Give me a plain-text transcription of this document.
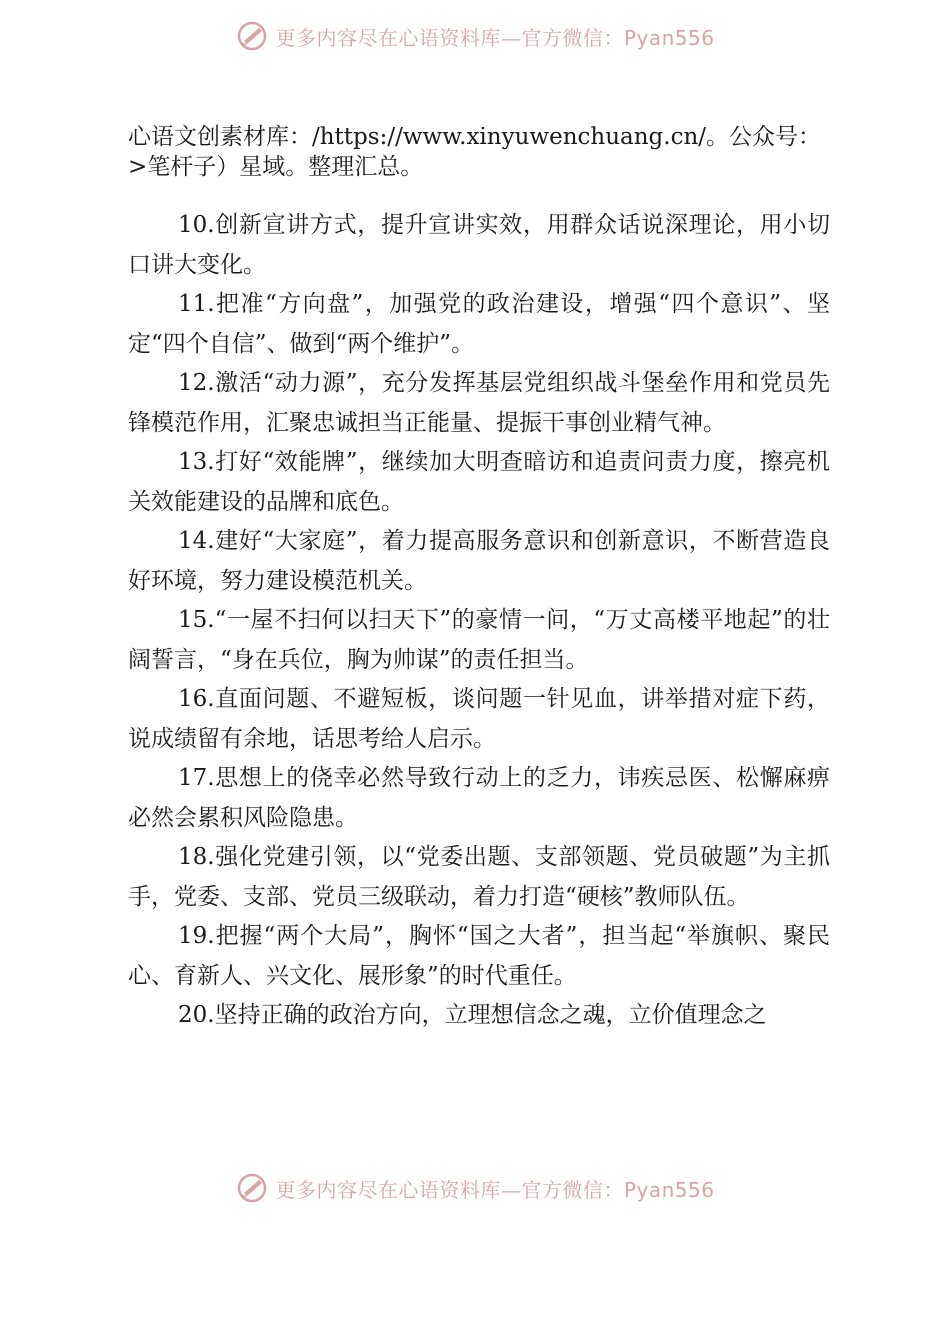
更多内容尽在心语资料库—官方微信：Pyan556

心语文创素材库：/https://www.xinyuwenchuang.cn/。公众号：>笔杆子）星域。整理汇总。

10.创新宣讲方式，提升宣讲实效，用群众话说深理论，用小切口讲大变化。

11.把准“方向盘”，加强党的政治建设，增强“四个意识”、坚定“四个自信”、做到“两个维护”。

12.激活“动力源”，充分发挥基层党组织战斗堡垒作用和党员先锋模范作用，汇聚忠诚担当正能量、提振干事创业精气神。

13.打好“效能牌”，继续加大明查暗访和追责问责力度，擦亮机关效能建设的品牌和底色。

14.建好“大家庭”，着力提高服务意识和创新意识，不断营造良好环境，努力建设模范机关。

15.“一屋不扫何以扫天下”的豪情一问，“万丈高楼平地起”的壮阔誓言，“身在兵位，胸为帅谋”的责任担当。

16.直面问题、不避短板，谈问题一针见血，讲举措对症下药，说成绩留有余地，话思考给人启示。

17.思想上的侥幸必然导致行动上的乏力，讳疾忌医、松懈麻痹必然会累积风险隐患。

18.强化党建引领，以“党委出题、支部领题、党员破题”为主抓手，党委、支部、党员三级联动，着力打造“硬核”教师队伍。

19.把握“两个大局”，胸怀“国之大者”，担当起“举旗帜、聚民心、育新人、兴文化、展形象”的时代重任。

20.坚持正确的政治方向，立理想信念之魂，立价值理念之

更多内容尽在心语资料库—官方微信：Pyan556
